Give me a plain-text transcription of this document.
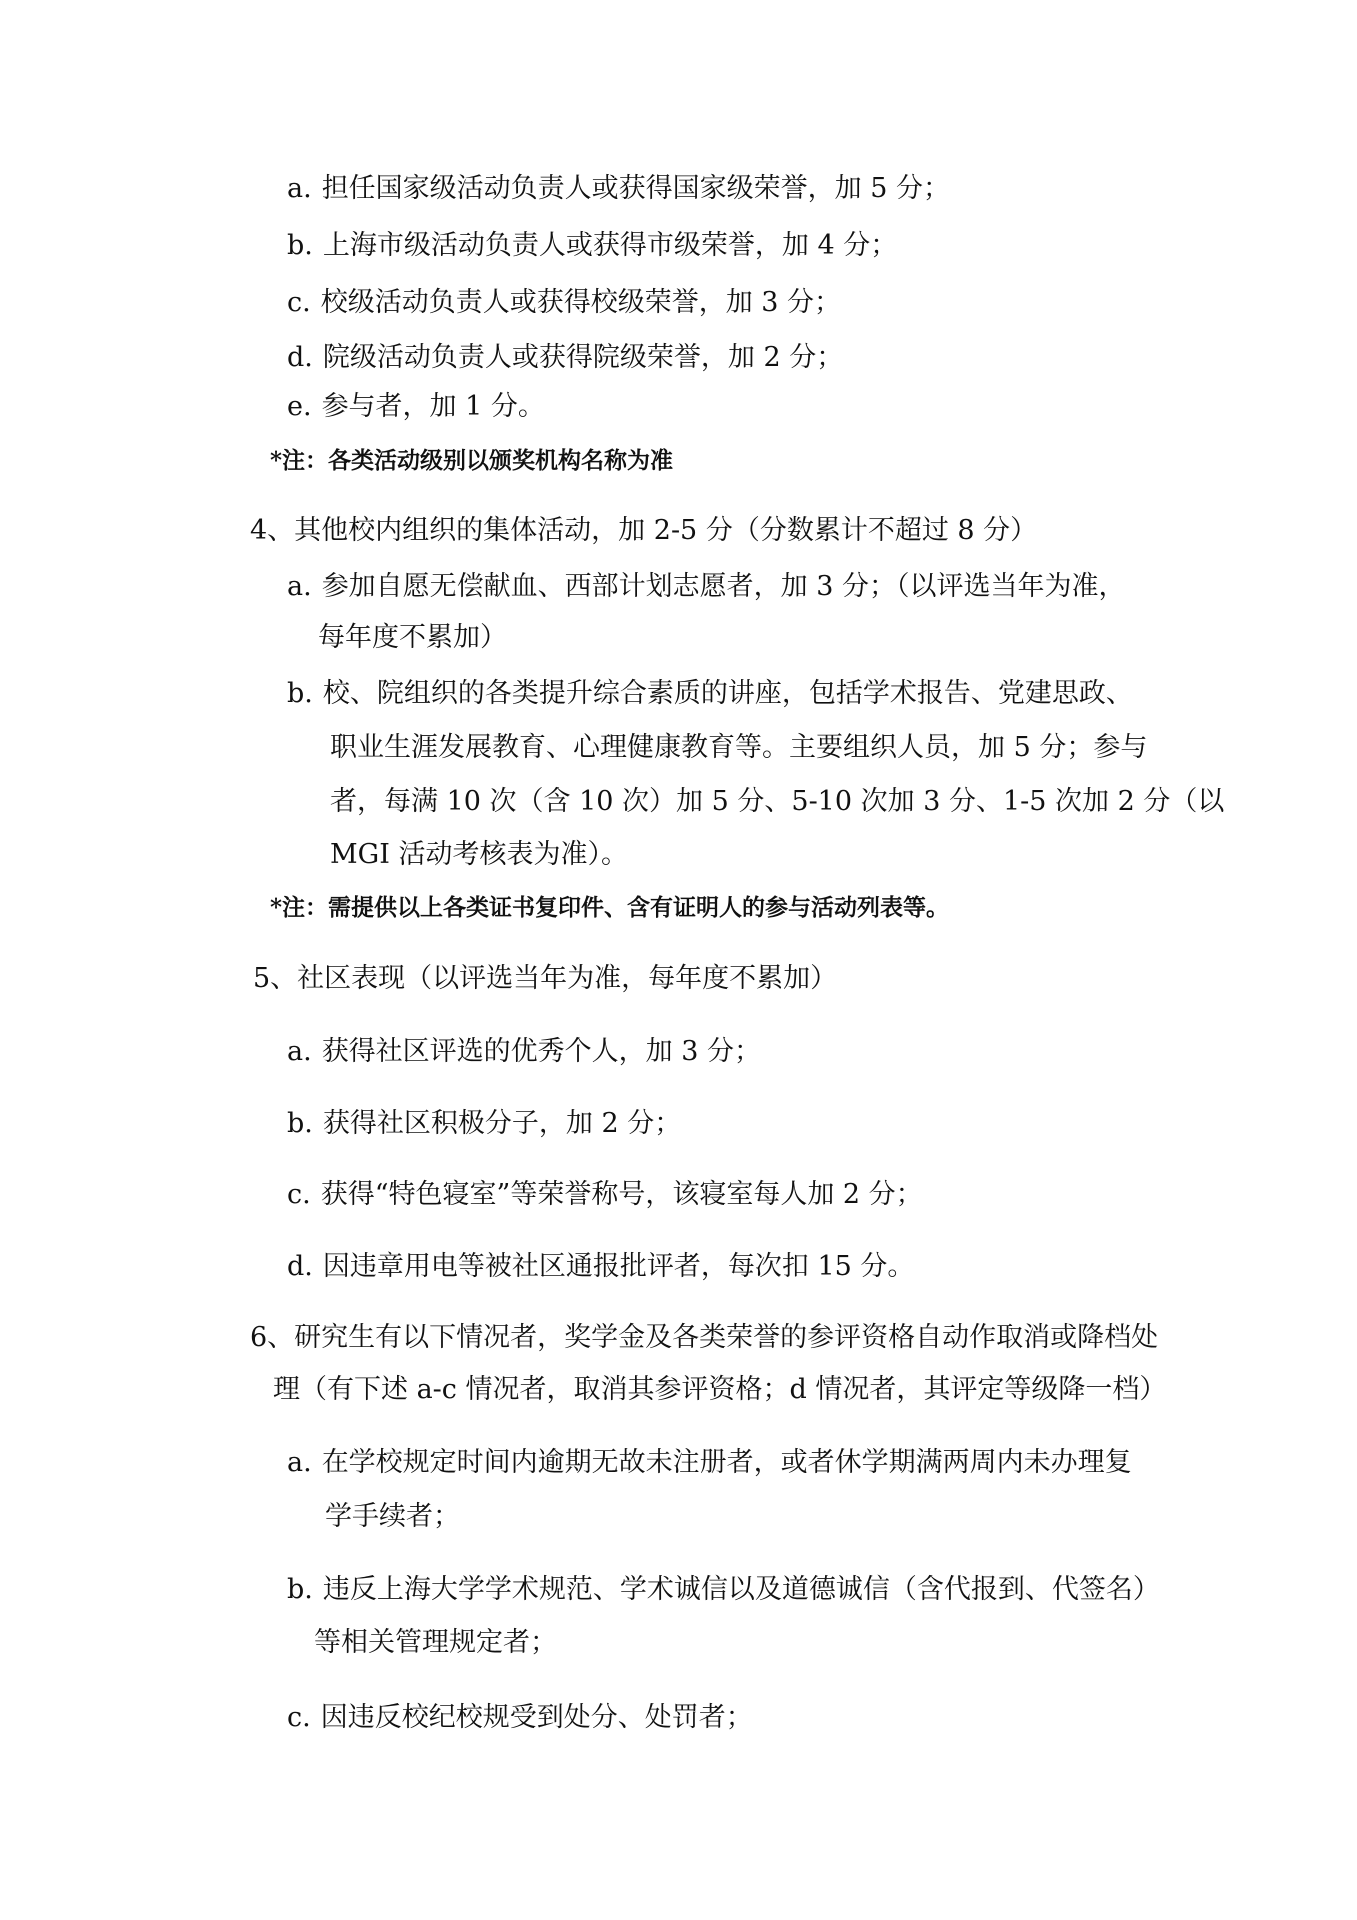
a. 担任国家级活动负责人或获得国家级荣誉，加 5 分；
b. 上海市级活动负责人或获得市级荣誉，加 4 分；
c. 校级活动负责人或获得校级荣誉，加 3 分；
d. 院级活动负责人或获得院级荣誉，加 2 分；
e. 参与者，加 1 分。
*注：各类活动级别以颁奖机构名称为准
4、其他校内组织的集体活动，加 2-5 分（分数累计不超过 8 分）
a. 参加自愿无偿献血、西部计划志愿者，加 3 分；（以评选当年为准，
每年度不累加）
b. 校、院组织的各类提升综合素质的讲座，包括学术报告、党建思政、
职业生涯发展教育、心理健康教育等。主要组织人员，加 5 分；参与
者，每满 10 次（含 10 次）加 5 分、5-10 次加 3 分、1-5 次加 2 分（以
MGI 活动考核表为准）。
*注：需提供以上各类证书复印件、含有证明人的参与活动列表等。
5、社区表现（以评选当年为准，每年度不累加）
a. 获得社区评选的优秀个人，加 3 分；
b. 获得社区积极分子，加 2 分；
c. 获得“特色寝室”等荣誉称号，该寝室每人加 2 分；
d. 因违章用电等被社区通报批评者，每次扣 15 分。
6、研究生有以下情况者，奖学金及各类荣誉的参评资格自动作取消或降档处
理（有下述 a-c 情况者，取消其参评资格；d 情况者，其评定等级降一档）
a. 在学校规定时间内逾期无故未注册者，或者休学期满两周内未办理复
学手续者；
b. 违反上海大学学术规范、学术诚信以及道德诚信（含代报到、代签名）
等相关管理规定者；
c. 因违反校纪校规受到处分、处罚者；
